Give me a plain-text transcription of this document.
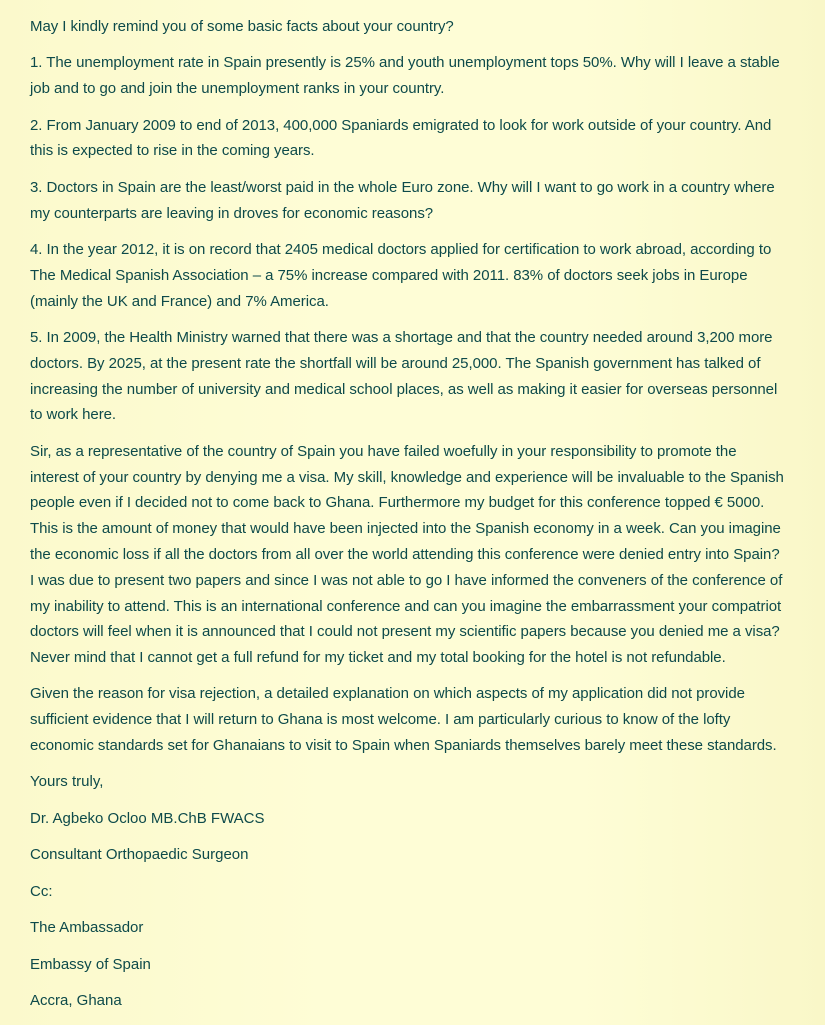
May I kindly remind you of some basic facts about your country?

1. The unemployment rate in Spain presently is 25% and youth unemployment tops 50%. Why will I leave a stable
job and to go and join the unemployment ranks in your country.

2. From January 2009 to end of 2013, 400,000 Spaniards emigrated to look for work outside of your country. And
this is expected to rise in the coming years.

3. Doctors in Spain are the least/worst paid in the whole Euro zone. Why will I want to go work in a country where
my counterparts are leaving in droves for economic reasons?

4. In the year 2012, it is on record that 2405 medical doctors applied for certification to work abroad, according to
The Medical Spanish Association – a 75% increase compared with 2011. 83% of doctors seek jobs in Europe
(mainly the UK and France) and 7% America.

5. In 2009, the Health Ministry warned that there was a shortage and that the country needed around 3,200 more
doctors. By 2025, at the present rate the shortfall will be around 25,000. The Spanish government has talked of
increasing the number of university and medical school places, as well as making it easier for overseas personnel
to work here.

Sir, as a representative of the country of Spain you have failed woefully in your responsibility to promote the
interest of your country by denying me a visa. My skill, knowledge and experience will be invaluable to the Spanish
people even if I decided not to come back to Ghana. Furthermore my budget for this conference topped € 5000.
This is the amount of money that would have been injected into the Spanish economy in a week. Can you imagine
the economic loss if all the doctors from all over the world attending this conference were denied entry into Spain?
I was due to present two papers and since I was not able to go I have informed the conveners of the conference of
my inability to attend. This is an international conference and can you imagine the embarrassment your compatriot
doctors will feel when it is announced that I could not present my scientific papers because you denied me a visa?
Never mind that I cannot get a full refund for my ticket and my total booking for the hotel is not refundable.

Given the reason for visa rejection, a detailed explanation on which aspects of my application did not provide
sufficient evidence that I will return to Ghana is most welcome. I am particularly curious to know of the lofty
economic standards set for Ghanaians to visit to Spain when Spaniards themselves barely meet these standards.

Yours truly,

Dr. Agbeko Ocloo MB.ChB FWACS

Consultant Orthopaedic Surgeon

Cc:

The Ambassador

Embassy of Spain

Accra, Ghana
